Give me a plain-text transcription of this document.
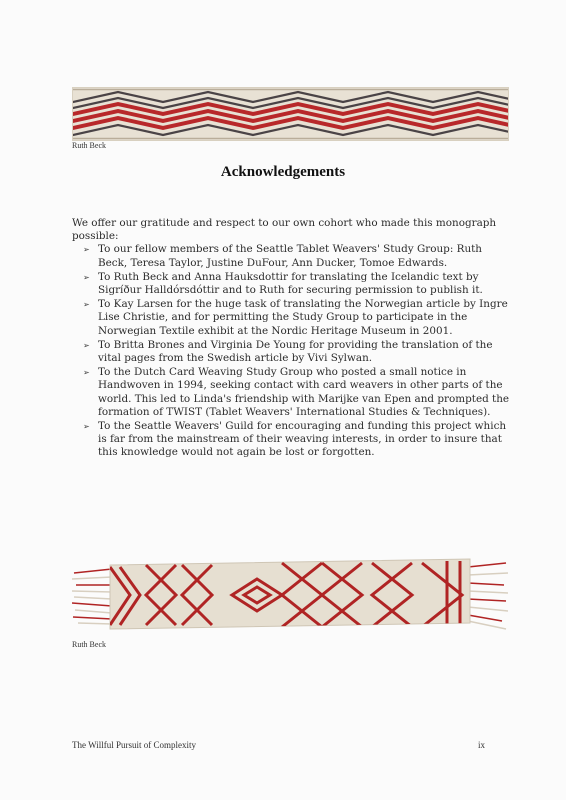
Ruth Beck
Acknowledgements

We offer our gratitude and respect to our own cohort who made this monograph possible:

➢ To our fellow members of the Seattle Tablet Weavers' Study Group: Ruth Beck, Teresa Taylor, Justine DuFour, Ann Ducker, Tomoe Edwards.
➢ To Ruth Beck and Anna Hauksdottir for translating the Icelandic text by Sigríður Halldórsdóttir and to Ruth for securing permission to publish it.
➢ To Kay Larsen for the huge task of translating the Norwegian article by Ingre Lise Christie, and for permitting the Study Group to participate in the Norwegian Textile exhibit at the Nordic Heritage Museum in 2001.
➢ To Britta Brones and Virginia De Young for providing the translation of the vital pages from the Swedish article by Vivi Sylwan.
➢ To the Dutch Card Weaving Study Group who posted a small notice in Handwoven in 1994, seeking contact with card weavers in other parts of the world. This led to Linda's friendship with Marijke van Epen and prompted the formation of TWIST (Tablet Weavers' International Studies & Techniques).
➢ To the Seattle Weavers' Guild for encouraging and funding this project which is far from the mainstream of their weaving interests, in order to insure that this knowledge would not again be lost or forgotten.
Ruth Beck
The Willful Pursuit of Complexity	ix
